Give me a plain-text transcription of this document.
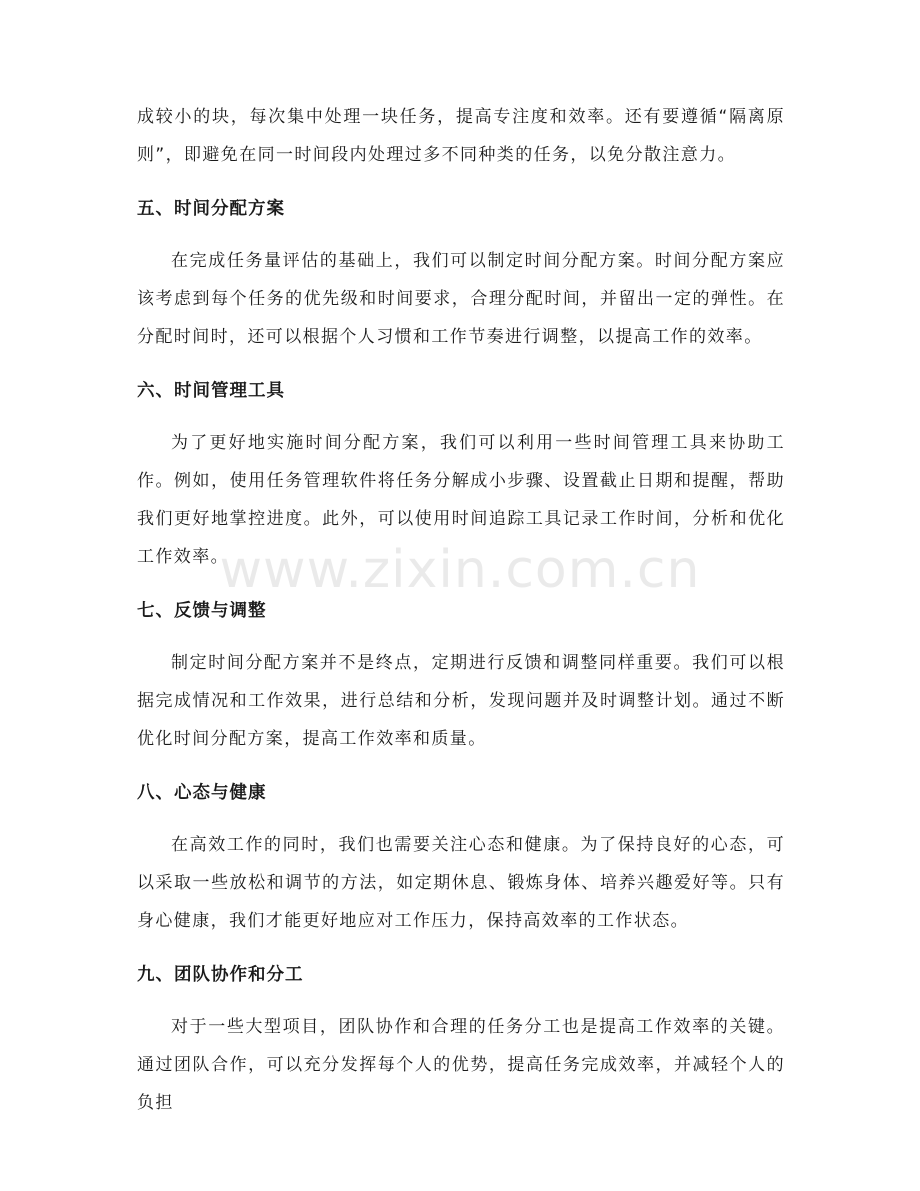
成较小的块，每次集中处理一块任务，提高专注度和效率。还有要遵循“隔离原则”，即避免在同一时间段内处理过多不同种类的任务，以免分散注意力。

五、时间分配方案

在完成任务量评估的基础上，我们可以制定时间分配方案。时间分配方案应该考虑到每个任务的优先级和时间要求，合理分配时间，并留出一定的弹性。在分配时间时，还可以根据个人习惯和工作节奏进行调整，以提高工作的效率。

六、时间管理工具

为了更好地实施时间分配方案，我们可以利用一些时间管理工具来协助工作。例如，使用任务管理软件将任务分解成小步骤、设置截止日期和提醒，帮助我们更好地掌控进度。此外，可以使用时间追踪工具记录工作时间，分析和优化工作效率。

七、反馈与调整

制定时间分配方案并不是终点，定期进行反馈和调整同样重要。我们可以根据完成情况和工作效果，进行总结和分析，发现问题并及时调整计划。通过不断优化时间分配方案，提高工作效率和质量。

八、心态与健康

在高效工作的同时，我们也需要关注心态和健康。为了保持良好的心态，可以采取一些放松和调节的方法，如定期休息、锻炼身体、培养兴趣爱好等。只有身心健康，我们才能更好地应对工作压力，保持高效率的工作状态。

九、团队协作和分工

对于一些大型项目，团队协作和合理的任务分工也是提高工作效率的关键。通过团队合作，可以充分发挥每个人的优势，提高任务完成效率，并减轻个人的负担

www.zixin.com.cn
